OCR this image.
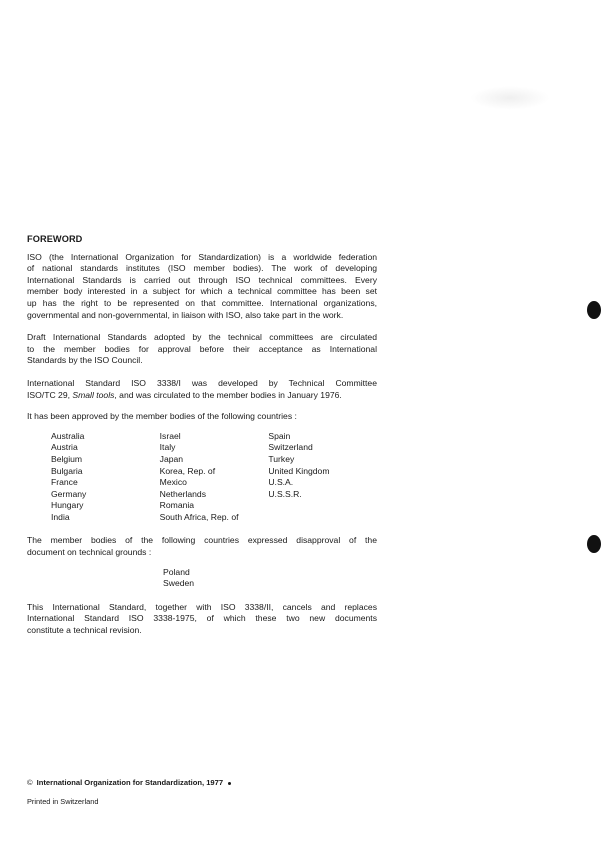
FOREWORD
ISO (the International Organization for Standardization) is a worldwide federation
of national standards institutes (ISO member bodies). The work of developing
International Standards is carried out through ISO technical committees. Every
member body interested in a subject for which a technical committee has been set
up has the right to be represented on that committee. International organizations,
governmental and non-governmental, in liaison with ISO, also take part in the work.
Draft International Standards adopted by the technical committees are circulated
to the member bodies for approval before their acceptance as International
Standards by the ISO Council.
International Standard ISO 3338/I was developed by Technical Committee
ISO/TC 29, Small tools, and was circulated to the member bodies in January 1976.
It has been approved by the member bodies of the following countries :
Australia
Austria
Belgium
Bulgaria
France
Germany
Hungary
India
Israel
Italy
Japan
Korea, Rep. of
Mexico
Netherlands
Romania
South Africa, Rep. of
Spain
Switzerland
Turkey
United Kingdom
U.S.A.
U.S.S.R.
The member bodies of the following countries expressed disapproval of the
document on technical grounds :
Poland
Sweden
This International Standard, together with ISO 3338/II, cancels and replaces
International Standard ISO 3338-1975, of which these two new documents
constitute a technical revision.
© International Organization for Standardization, 1977
Printed in Switzerland
